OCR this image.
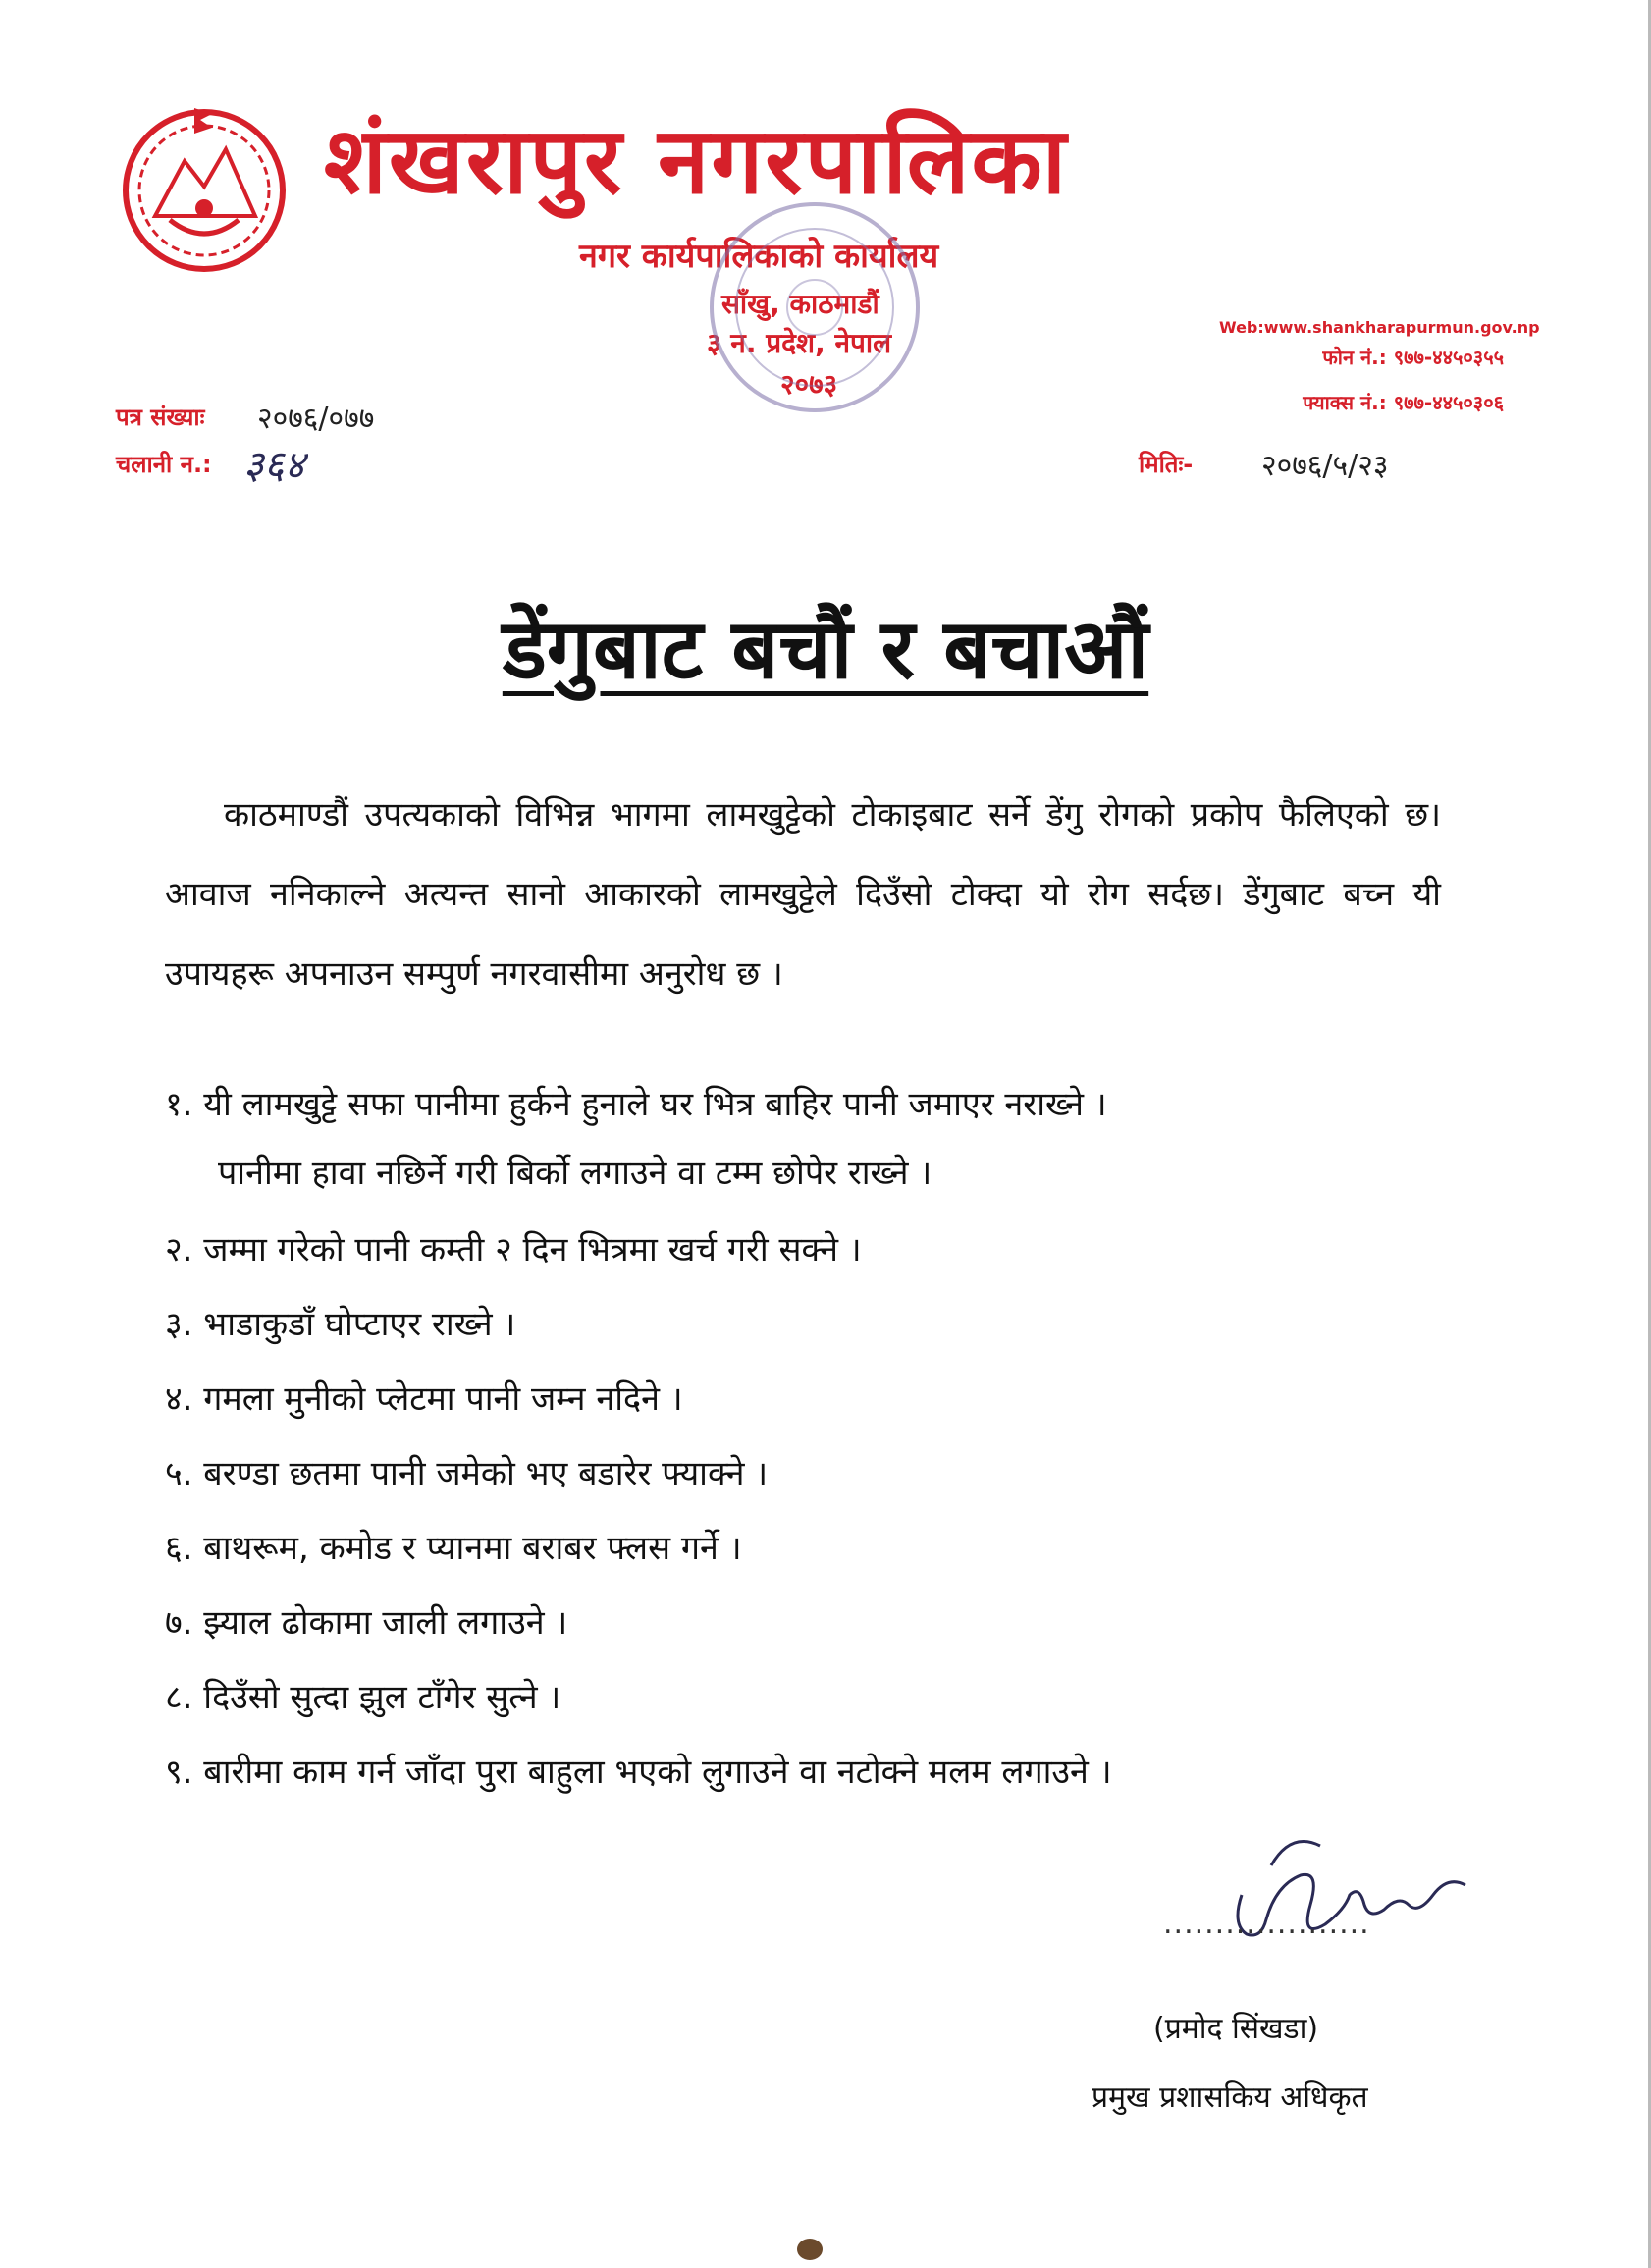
शंखरापुर नगरपालिका
नगर कार्यपालिकाको कार्यालय
साँखु, काठमाडौं
३ न. प्रदेश, नेपाल
२०७३
Web:www.shankharapurmun.gov.np
फोन नं.: ९७७-४४५०३५५
फ्याक्स नं.: ९७७-४४५०३०६
पत्र संख्याः २०७६/०७७
चलानी न.: ३६४	मितिः- २०७६/५/२३
डेंगुबाट बचौं र बचाऔं
काठमाण्डौं उपत्यकाको विभिन्न भागमा लामखुट्टेको टोकाइबाट सर्ने डेंगु रोगको प्रकोप फैलिएको छ।आवाज ननिकाल्ने अत्यन्त सानो आकारको लामखुट्टेले दिउँसो टोक्दा यो रोग सर्दछ। डेंगुबाट बच्न यी उपायहरू अपनाउन सम्पुर्ण नगरवासीमा अनुरोध छ ।
१. यी लामखुट्टे सफा पानीमा हुर्कने हुनाले घर भित्र बाहिर पानी जमाएर नराख्ने ।
पानीमा हावा नछिर्ने गरी बिर्को लगाउने वा टम्म छोपेर राख्ने ।
२. जम्मा गरेको पानी कम्ती २ दिन भित्रमा खर्च गरी सक्ने ।
३. भाडाकुडाँ घोप्टाएर राख्ने ।
४. गमला मुनीको प्लेटमा पानी जम्न नदिने ।
५. बरण्डा छतमा पानी जमेको भए बडारेर फ्याक्ने ।
६. बाथरूम, कमोड र प्यानमा बराबर फ्लस गर्ने ।
७. झ्याल ढोकामा जाली लगाउने ।
८. दिउँसो सुत्दा झुल टाँगेर सुत्ने ।
९. बारीमा काम गर्न जाँदा पुरा बाहुला भएको लुगाउने वा नटोक्ने मलम लगाउने ।
....................
(प्रमोद सिंखडा)
प्रमुख प्रशासकिय अधिकृत
